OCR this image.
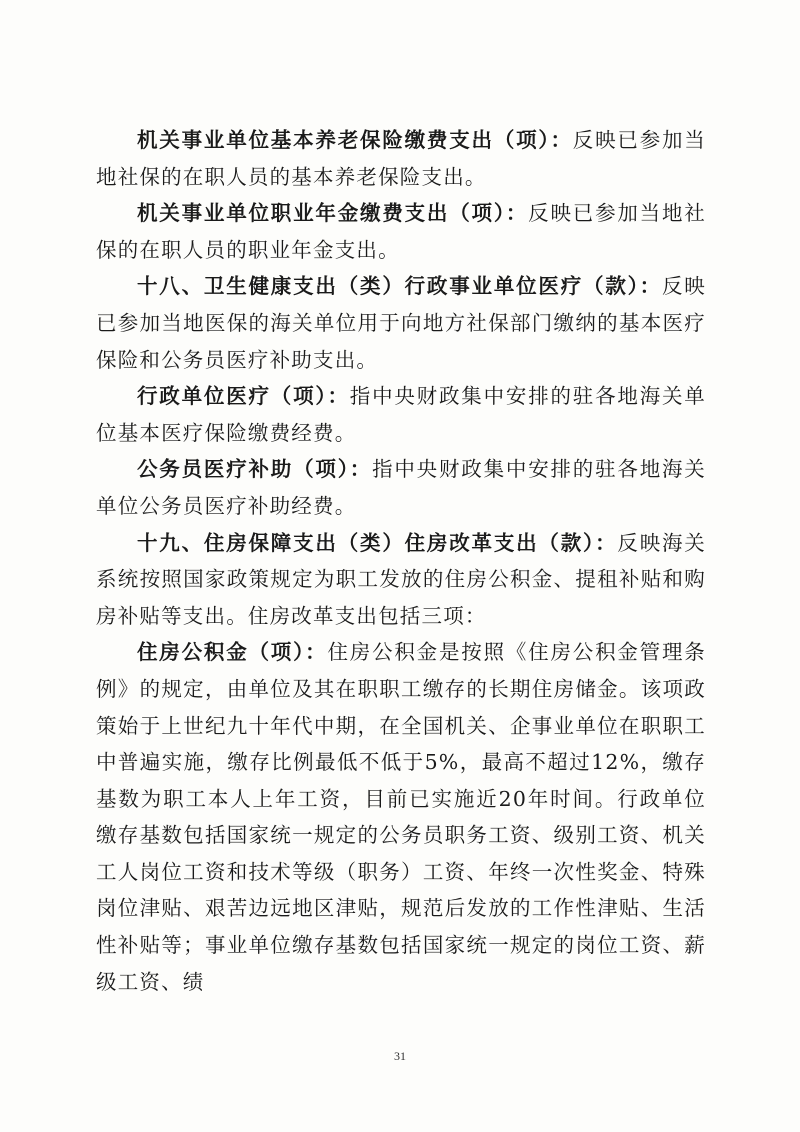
机关事业单位基本养老保险缴费支出（项）：反映已参加当地社保的在职人员的基本养老保险支出。

机关事业单位职业年金缴费支出（项）：反映已参加当地社保的在职人员的职业年金支出。

十八、卫生健康支出（类）行政事业单位医疗（款）：反映已参加当地医保的海关单位用于向地方社保部门缴纳的基本医疗保险和公务员医疗补助支出。

行政单位医疗（项）：指中央财政集中安排的驻各地海关单位基本医疗保险缴费经费。

公务员医疗补助（项）：指中央财政集中安排的驻各地海关单位公务员医疗补助经费。

十九、住房保障支出（类）住房改革支出（款）：反映海关系统按照国家政策规定为职工发放的住房公积金、提租补贴和购房补贴等支出。住房改革支出包括三项：

住房公积金（项）：住房公积金是按照《住房公积金管理条例》的规定，由单位及其在职职工缴存的长期住房储金。该项政策始于上世纪九十年代中期，在全国机关、企事业单位在职职工中普遍实施，缴存比例最低不低于5%，最高不超过12%，缴存基数为职工本人上年工资，目前已实施近20年时间。行政单位缴存基数包括国家统一规定的公务员职务工资、级别工资、机关工人岗位工资和技术等级（职务）工资、年终一次性奖金、特殊岗位津贴、艰苦边远地区津贴，规范后发放的工作性津贴、生活性补贴等；事业单位缴存基数包括国家统一规定的岗位工资、薪级工资、绩

31
